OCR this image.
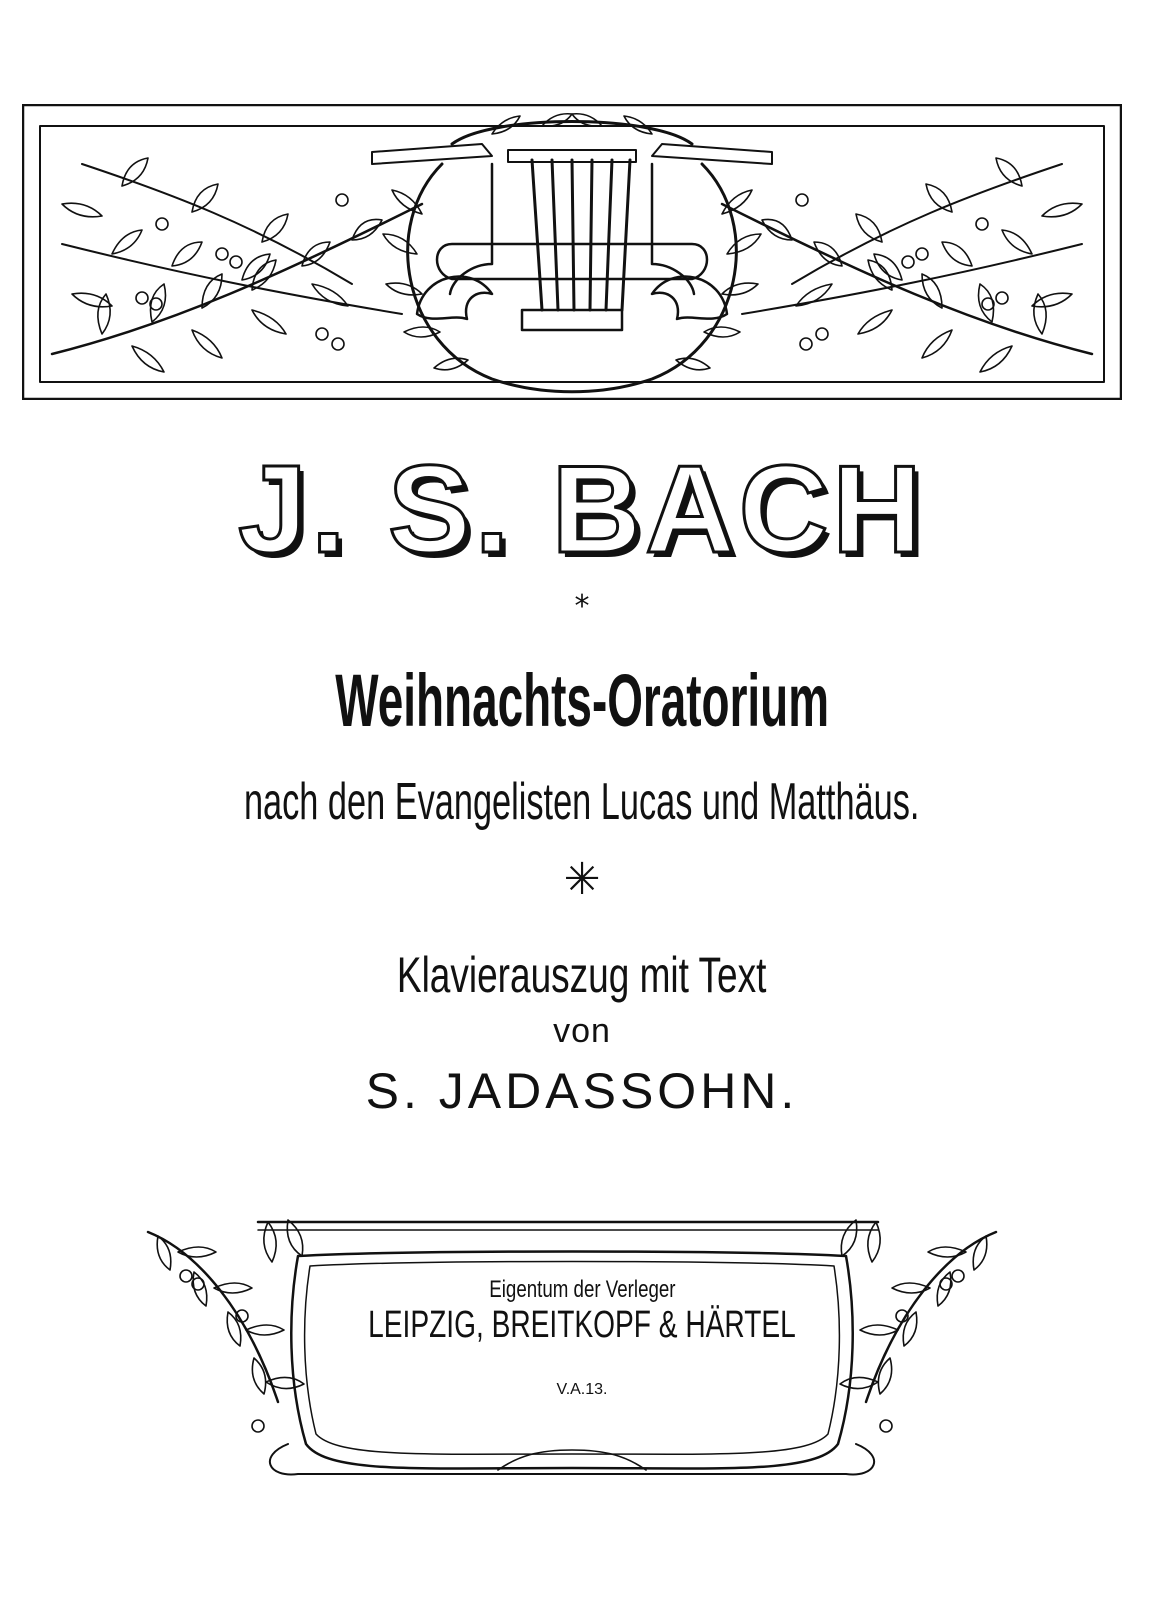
J. S. BACH
*
Weihnachts-Oratorium
nach den Evangelisten Lucas und Matthäus.
✳
Klavierauszug mit Text
von
S. JADASSOHN.
Eigentum der Verleger
LEIPZIG, BREITKOPF & HÄRTEL
V.A.13.
